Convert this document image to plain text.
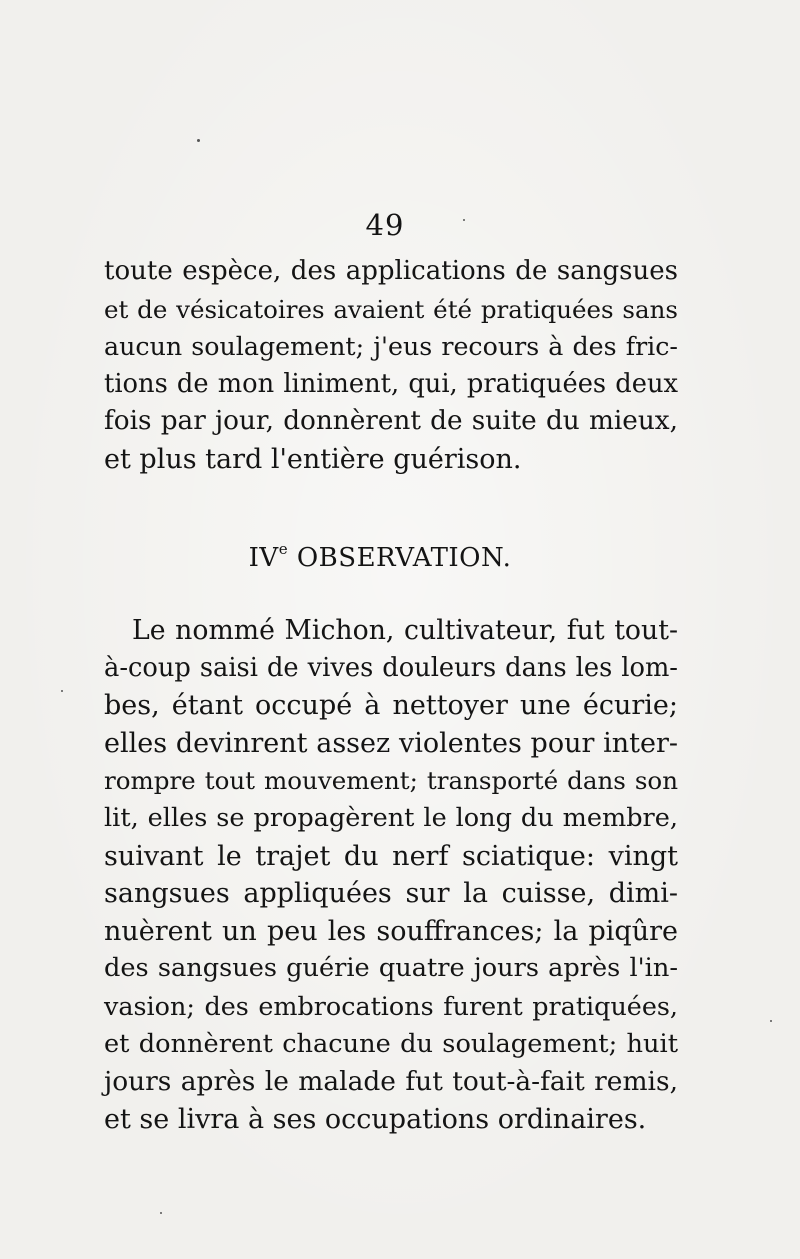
49
toute espèce, des applications de sangsues
et de vésicatoires avaient été pratiquées sans
aucun soulagement; j'eus recours à des fric-
tions de mon liniment, qui, pratiquées deux
fois par jour, donnèrent de suite du mieux,
et plus tard l'entière guérison.
IVe OBSERVATION.
Le nommé Michon, cultivateur, fut tout-
à-coup saisi de vives douleurs dans les lom-
bes, étant occupé à nettoyer une écurie;
elles devinrent assez violentes pour inter-
rompre tout mouvement; transporté dans son
lit, elles se propagèrent le long du membre,
suivant le trajet du nerf sciatique: vingt
sangsues appliquées sur la cuisse, dimi-
nuèrent un peu les souffrances; la piqûre
des sangsues guérie quatre jours après l'in-
vasion; des embrocations furent pratiquées,
et donnèrent chacune du soulagement; huit
jours après le malade fut tout-à-fait remis,
et se livra à ses occupations ordinaires.
